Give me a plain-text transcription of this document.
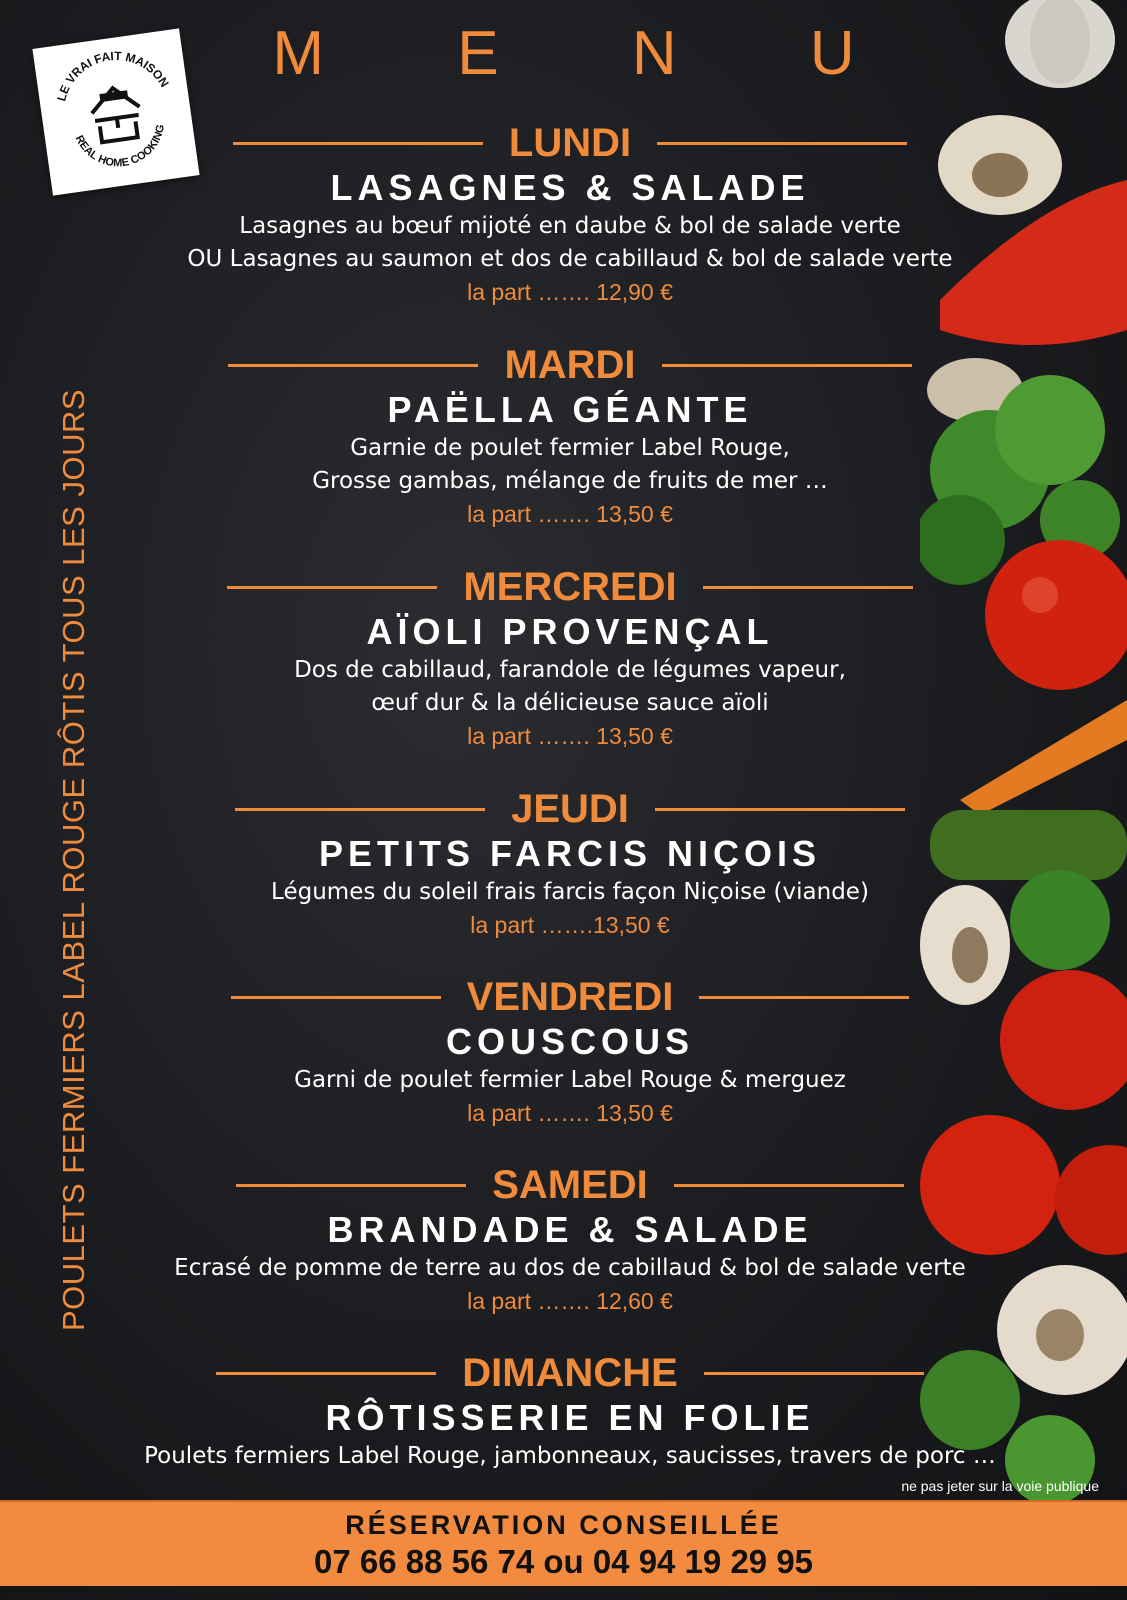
LE VRAI FAIT MAISON
REAL HOME COOKING
POULETS FERMIERS LABEL ROUGE RÔTIS TOUS LES JOURS
M E N U
LUNDI
LASAGNES & SALADE
Lasagnes au bœuf mijoté en daube & bol de salade verte
OU Lasagnes au saumon et dos de cabillaud & bol de salade verte
la part ……. 12,90 €
MARDI
PAËLLA GÉANTE
Garnie de poulet fermier Label Rouge,
Grosse gambas, mélange de fruits de mer …
la part ……. 13,50 €
MERCREDI
AÏOLI PROVENÇAL
Dos de cabillaud, farandole de légumes vapeur,
œuf dur & la délicieuse sauce aïoli
la part ……. 13,50 €
JEUDI
PETITS FARCIS NIÇOIS
Légumes du soleil frais farcis façon Niçoise (viande)
la part …….13,50 €
VENDREDI
COUSCOUS
Garni de poulet fermier Label Rouge & merguez
la part ……. 13,50 €
SAMEDI
BRANDADE & SALADE
Ecrasé de pomme de terre au dos de cabillaud & bol de salade verte
la part ……. 12,60 €
DIMANCHE
RÔTISSERIE EN FOLIE
Poulets fermiers Label Rouge, jambonneaux, saucisses, travers de porc …
ne pas jeter sur la voie publique
RÉSERVATION CONSEILLÉE
07 66 88 56 74 ou 04 94 19 29 95
